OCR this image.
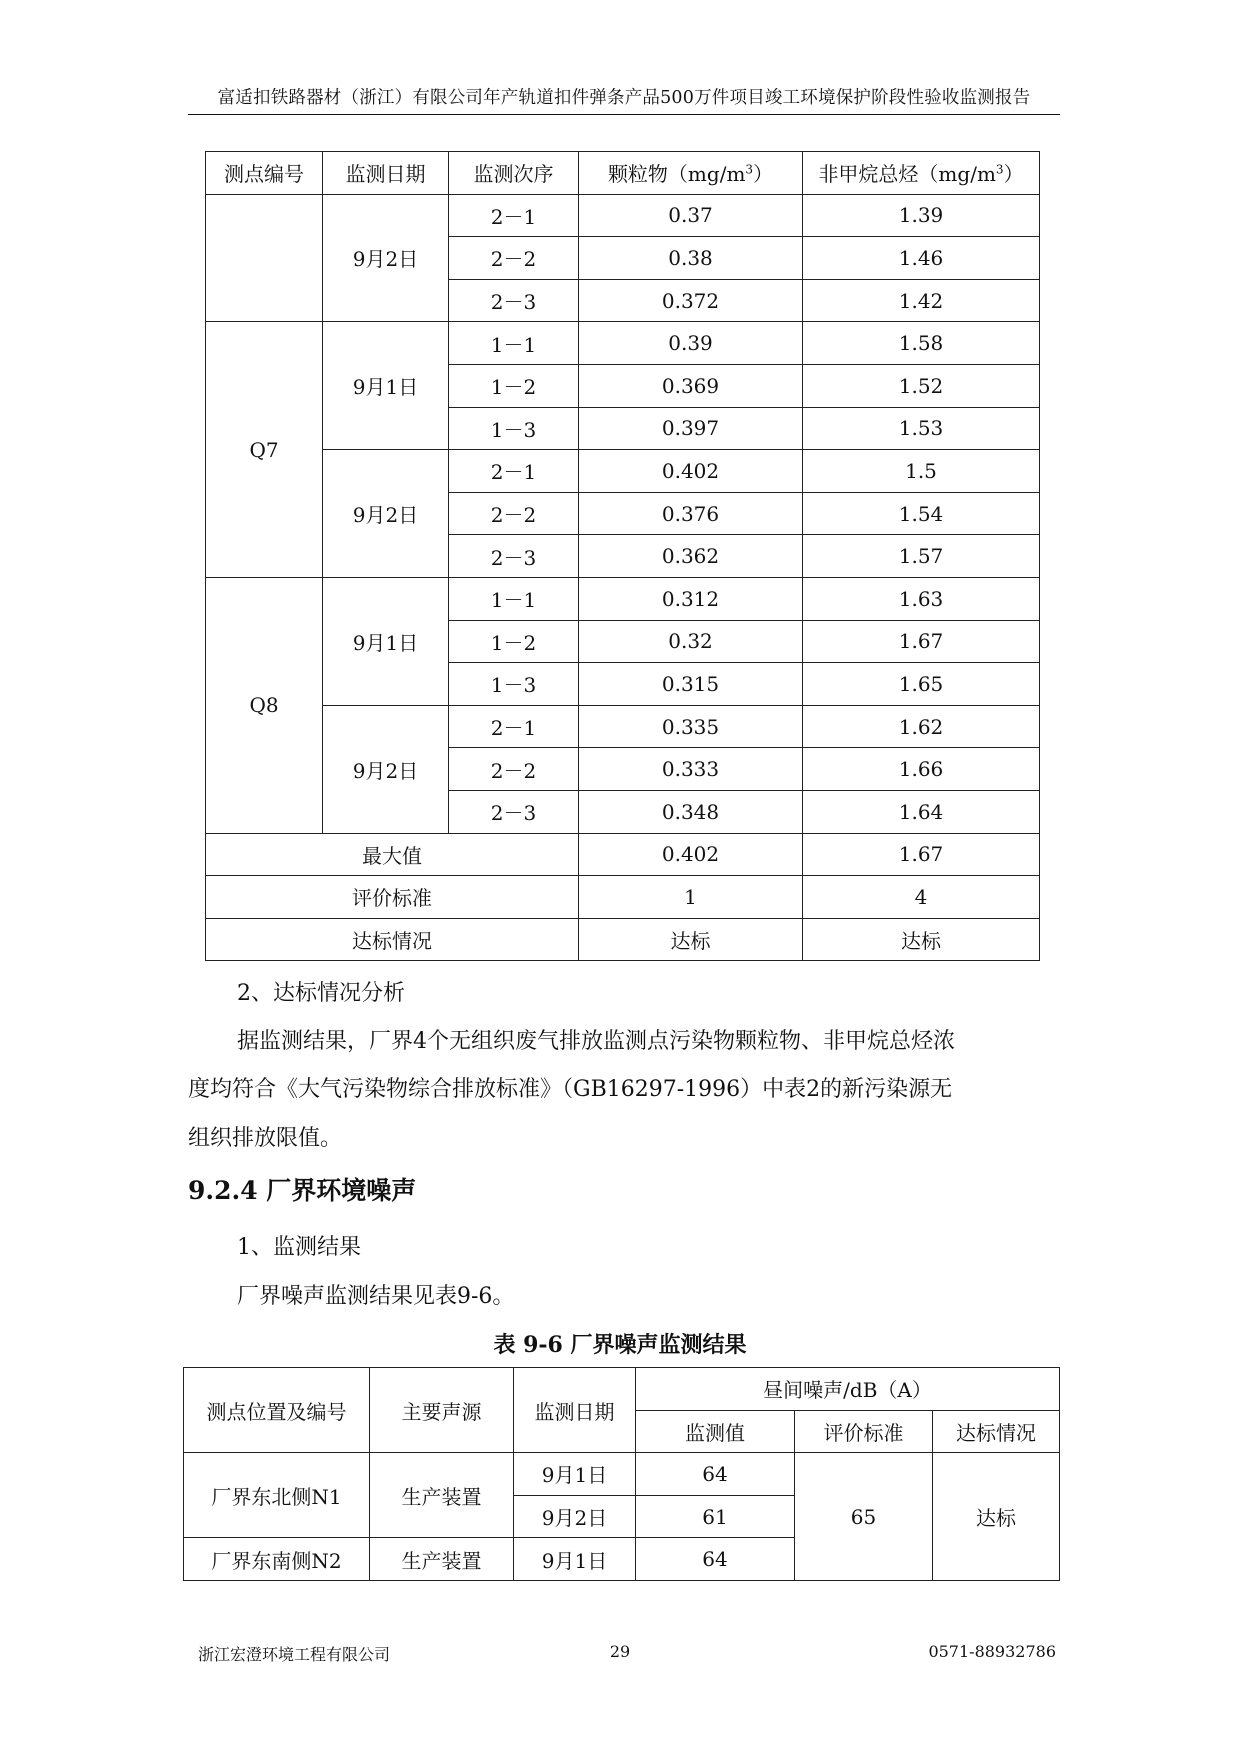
富适扣铁路器材（浙江）有限公司年产轨道扣件弹条产品500万件项目竣工环境保护阶段性验收监测报告
测点编号	监测日期	监测次序	颗粒物$(mg/m^3)$	非甲烷总烃$(mg/m^3)$
	9月2日	2－1	0.37	1.39
		2－2	0.38	1.46
		2－3	0.372	1.42
Q7	9月1日	1－1	0.39	1.58
		1－2	0.369	1.52
		1－3	0.397	1.53
	9月2日	2－1	0.402	1.5
		2－2	0.376	1.54
		2－3	0.362	1.57
Q8	9月1日	1－1	0.312	1.63
		1－2	0.32	1.67
		1－3	0.315	1.65
	9月2日	2－1	0.335	1.62
		2－2	0.333	1.66
		2－3	0.348	1.64
最大值			0.402	1.67
评价标准			1	4
达标情况			达标	达标
2、达标情况分析
据监测结果，厂界4个无组织废气排放监测点污染物颗粒物、非甲烷总烃浓
度均符合《大气污染物综合排放标准》（GB16297-1996）中表2的新污染源无
组织排放限值。
9.2.4 厂界环境噪声
1、监测结果
厂界噪声监测结果见表9-6。
表 9-6 厂界噪声监测结果
测点位置及编号	主要声源	监测日期	昼间噪声/dB（A）		
			监测值	评价标准	达标情况
厂界东北侧N1	生产装置	9月1日	64	65	达标
		9月2日	61		
厂界东南侧N2	生产装置	9月1日	64		
浙江宏澄环境工程有限公司	29	0571-88932786
